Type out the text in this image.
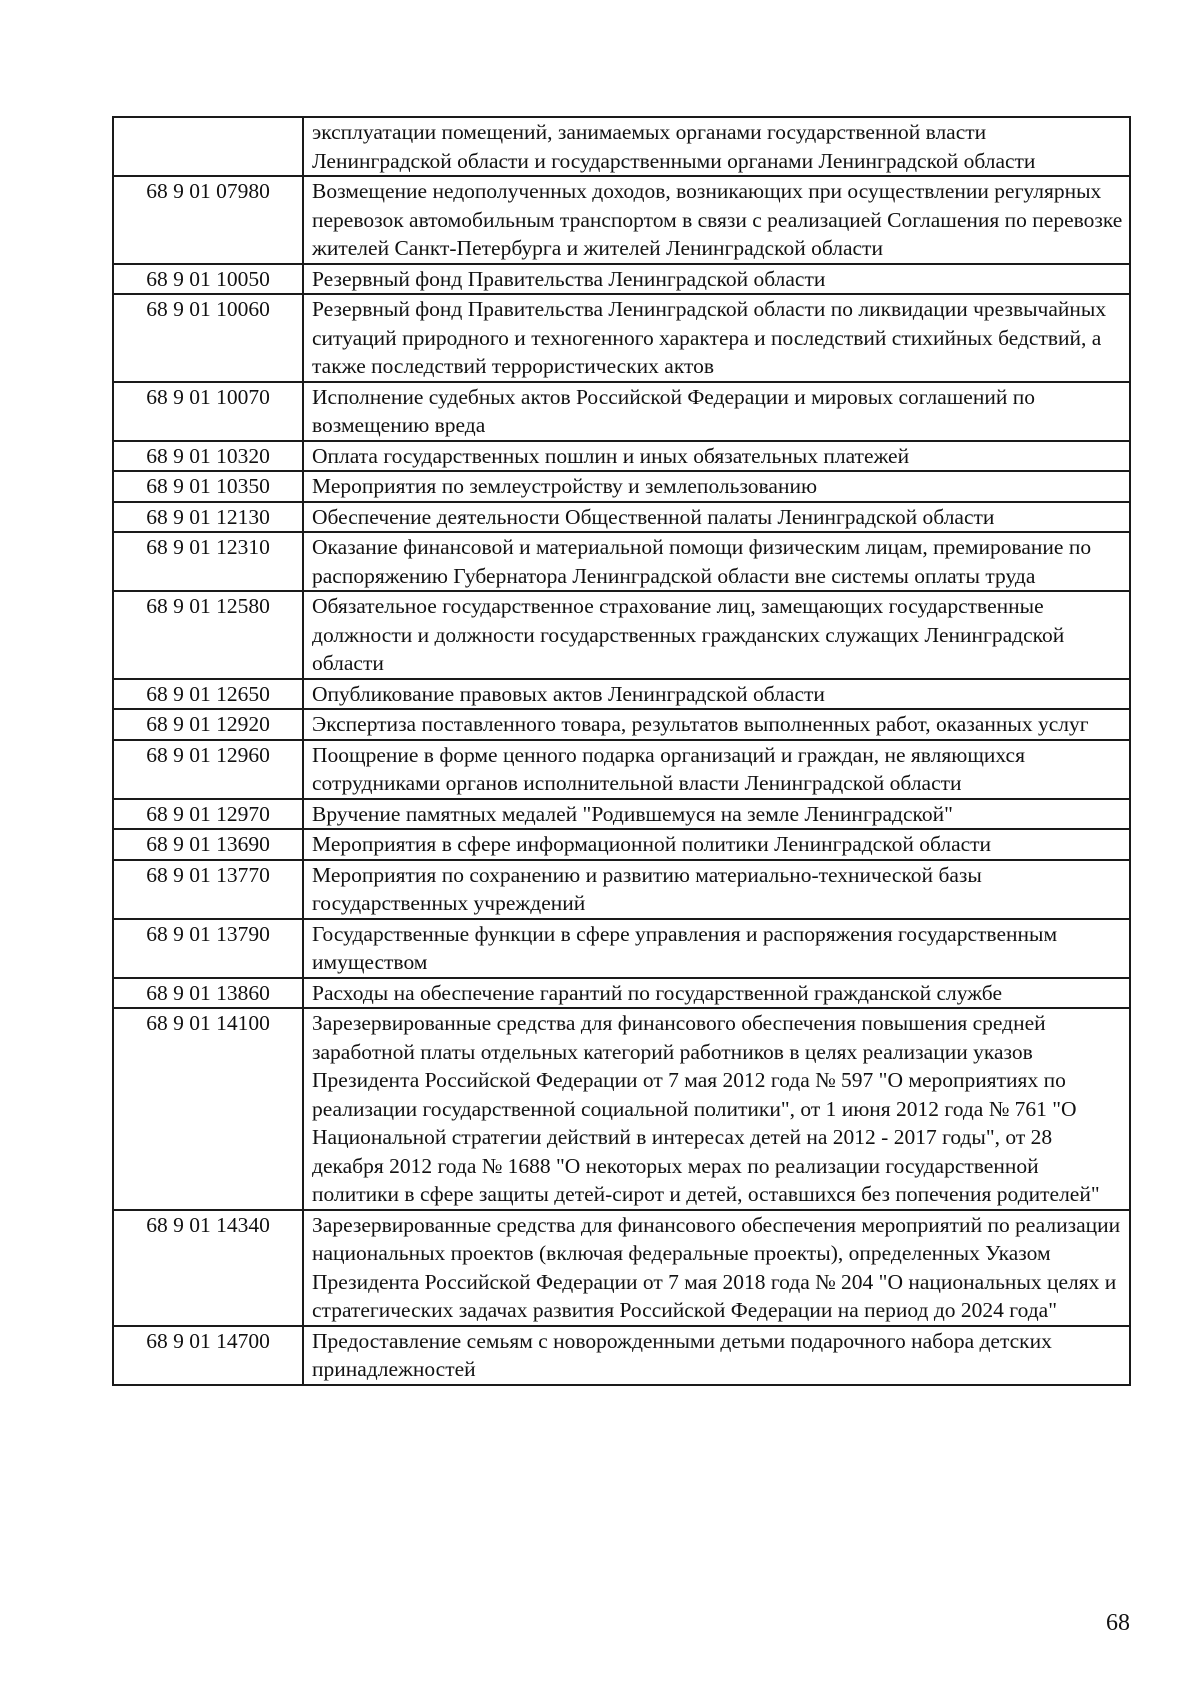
	эксплуатации помещений, занимаемых органами государственной власти Ленинградской области и государственными органами Ленинградской области
68 9 01 07980	Возмещение недополученных доходов, возникающих при осуществлении регулярных перевозок автомобильным транспортом в связи с реализацией Соглашения по перевозке жителей Санкт-Петербурга и жителей Ленинградской области
68 9 01 10050	Резервный фонд Правительства Ленинградской области
68 9 01 10060	Резервный фонд Правительства Ленинградской области по ликвидации чрезвычайных ситуаций природного и техногенного характера и последствий стихийных бедствий, а также последствий террористических актов
68 9 01 10070	Исполнение судебных актов Российской Федерации и мировых соглашений по возмещению вреда
68 9 01 10320	Оплата государственных пошлин и иных обязательных платежей
68 9 01 10350	Мероприятия по землеустройству и землепользованию
68 9 01 12130	Обеспечение деятельности Общественной палаты Ленинградской области
68 9 01 12310	Оказание финансовой и материальной помощи физическим лицам, премирование по распоряжению Губернатора Ленинградской области вне системы оплаты труда
68 9 01 12580	Обязательное государственное страхование лиц, замещающих государственные должности и должности государственных гражданских служащих Ленинградской области
68 9 01 12650	Опубликование правовых актов Ленинградской области
68 9 01 12920	Экспертиза поставленного товара, результатов выполненных работ, оказанных услуг
68 9 01 12960	Поощрение в форме ценного подарка организаций и граждан, не являющихся сотрудниками органов исполнительной власти Ленинградской области
68 9 01 12970	Вручение памятных медалей "Родившемуся на земле Ленинградской"
68 9 01 13690	Мероприятия в сфере информационной политики Ленинградской области
68 9 01 13770	Мероприятия по сохранению и развитию материально-технической базы государственных учреждений
68 9 01 13790	Государственные функции в сфере управления и распоряжения государственным имуществом
68 9 01 13860	Расходы на обеспечение гарантий по государственной гражданской службе
68 9 01 14100	Зарезервированные средства для финансового обеспечения повышения средней заработной платы отдельных категорий работников в целях реализации указов Президента Российской Федерации от 7 мая 2012 года № 597 "О мероприятиях по реализации государственной социальной политики", от 1 июня 2012 года № 761 "О Национальной стратегии действий в интересах детей на 2012 - 2017 годы", от 28 декабря 2012 года № 1688 "О некоторых мерах по реализации государственной политики в сфере защиты детей-сирот и детей, оставшихся без попечения родителей"
68 9 01 14340	Зарезервированные средства для финансового обеспечения мероприятий по реализации национальных проектов (включая федеральные проекты), определенных Указом Президента Российской Федерации от 7 мая 2018 года № 204 "О национальных целях и стратегических задачах развития Российской Федерации на период до 2024 года"
68 9 01 14700	Предоставление семьям с новорожденными детьми подарочного набора детских принадлежностей
68
